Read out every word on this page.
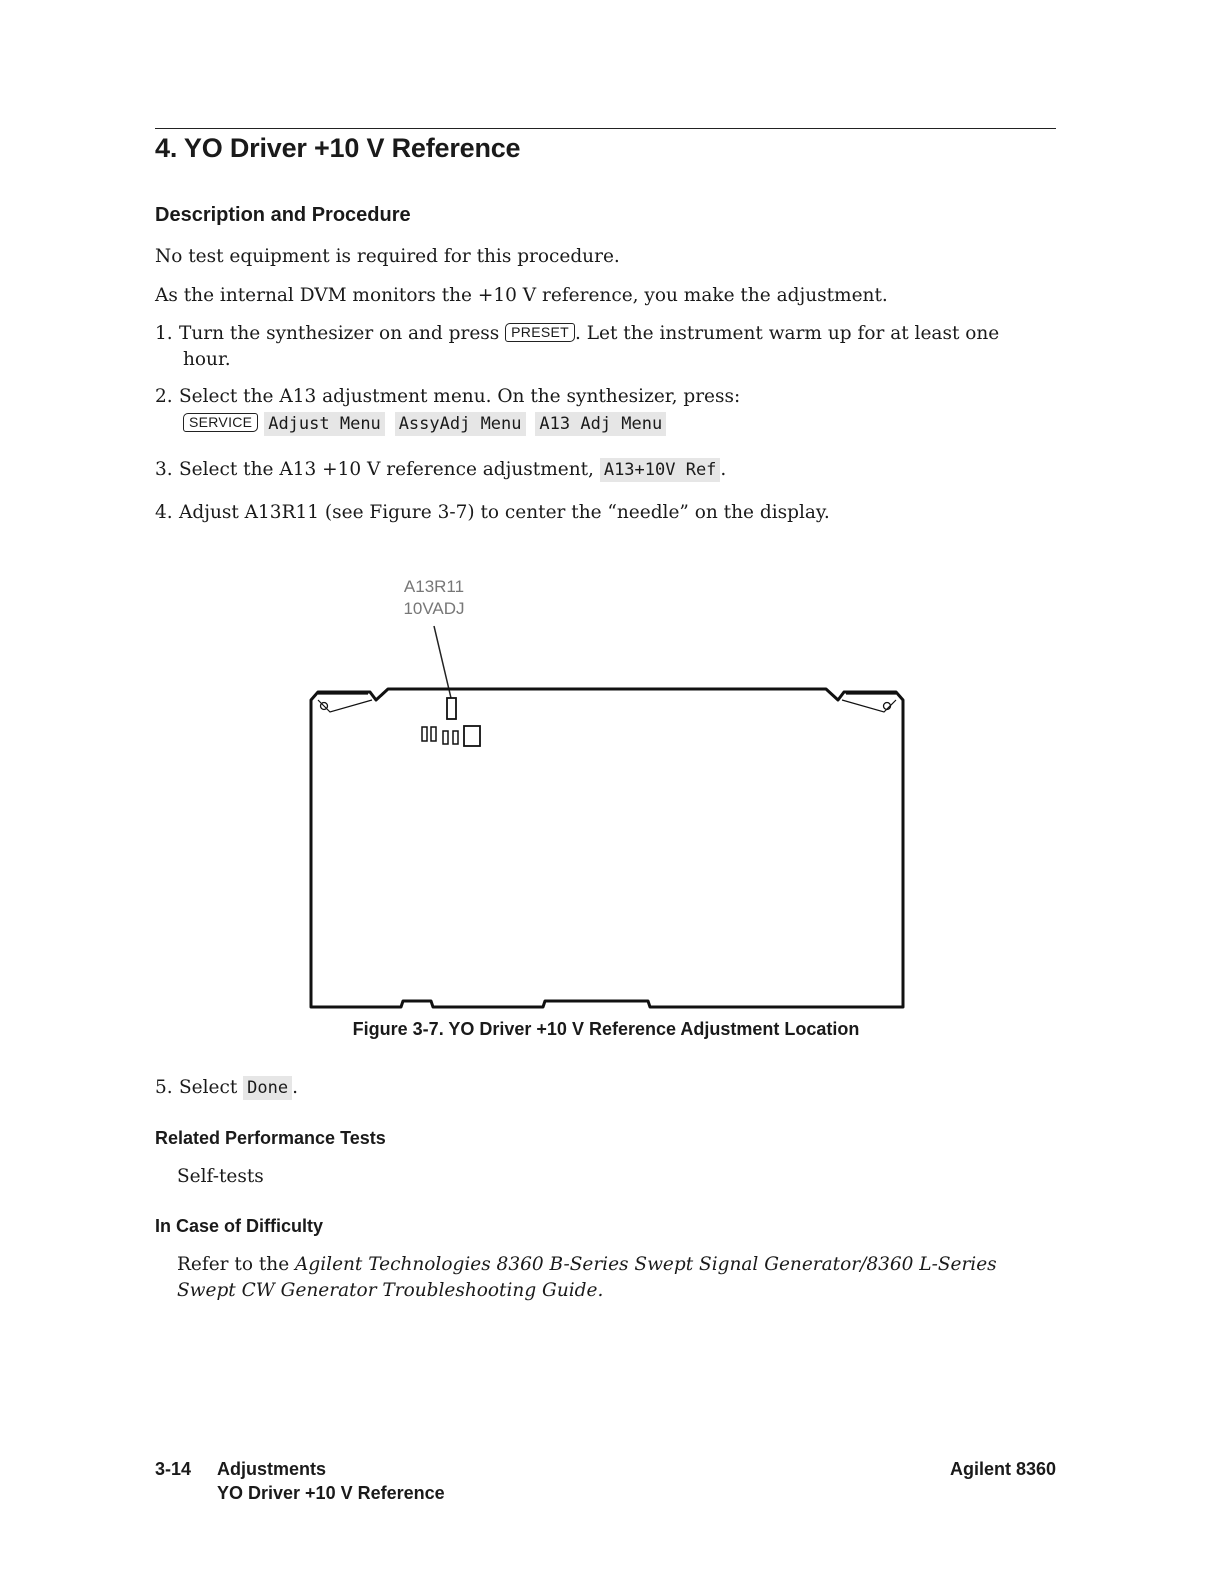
4. YO Driver +10 V Reference
Description and Procedure
No test equipment is required for this procedure.
As the internal DVM monitors the +10 V reference, you make the adjustment.
1. Turn the synthesizer on and press PRESET . Let the instrument warm up for at least one
hour.
2. Select the A13 adjustment menu. On the synthesizer, press:
SERVICE Adjust Menu AssyAdj Menu A13 Adj Menu
3. Select the A13 +10 V reference adjustment, A13+10V Ref .
4. Adjust A13R11 (see Figure 3-7) to center the “needle” on the display.
A13R11
10VADJ
Figure 3-7. YO Driver +10 V Reference Adjustment Location
5. Select Done .
Related Performance Tests
Self-tests
In Case of Difficulty
Refer to the Agilent Technologies 8360 B-Series Swept Signal Generator/8360 L-Series
Swept CW Generator Troubleshooting Guide.
3-14 Adjustments
YO Driver +10 V Reference
Agilent 8360
